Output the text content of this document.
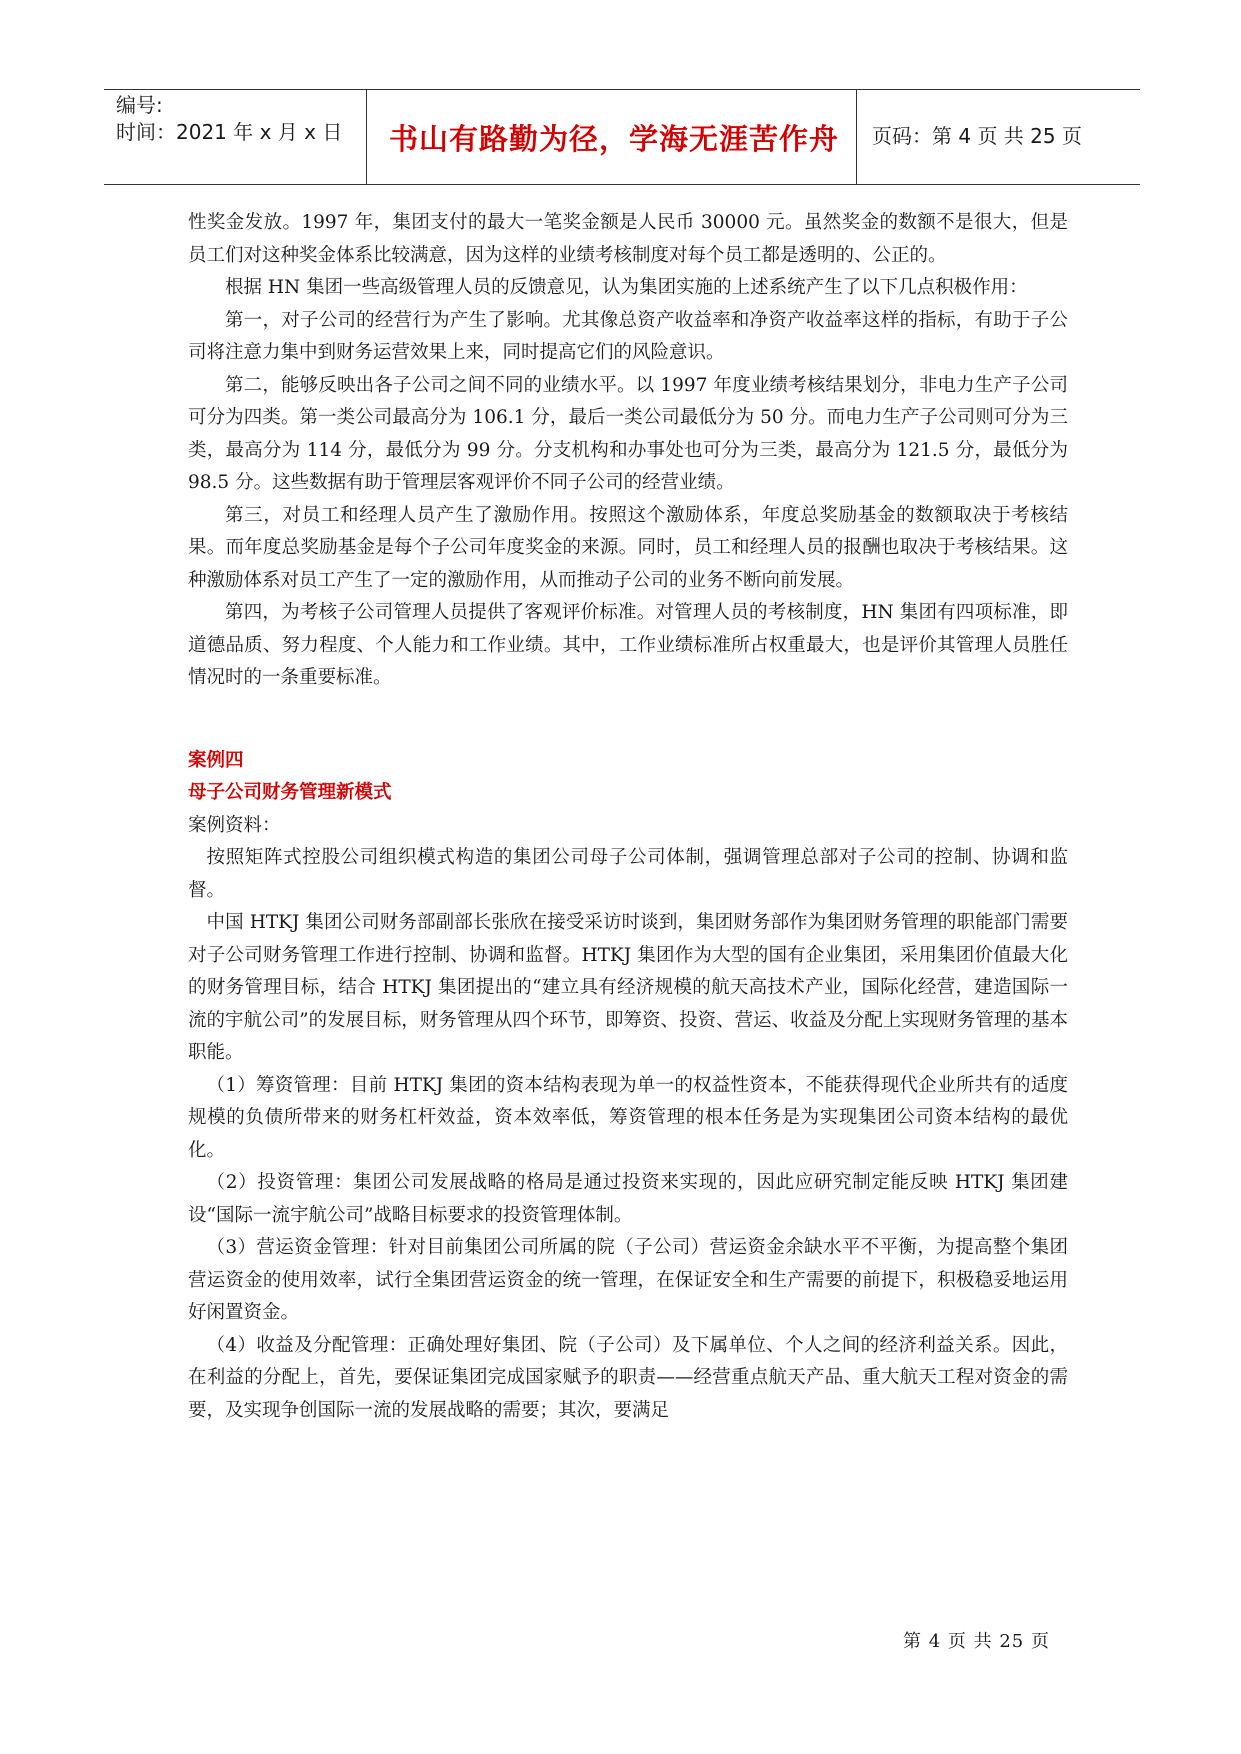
编号:
时间：2021 年 x 月 x 日	书山有路勤为径，学海无涯苦作舟	页码：第 4 页 共 25 页

性奖金发放。1997 年，集团支付的最大一笔奖金额是人民币 30000 元。虽然奖金的数额不是很大，但是员工们对这种奖金体系比较满意，因为这样的业绩考核制度对每个员工都是透明的、公正的。

根据 HN 集团一些高级管理人员的反馈意见，认为集团实施的上述系统产生了以下几点积极作用：

第一，对子公司的经营行为产生了影响。尤其像总资产收益率和净资产收益率这样的指标，有助于子公司将注意力集中到财务运营效果上来，同时提高它们的风险意识。

第二，能够反映出各子公司之间不同的业绩水平。以 1997 年度业绩考核结果划分，非电力生产子公司可分为四类。第一类公司最高分为 106.1 分，最后一类公司最低分为 50 分。而电力生产子公司则可分为三类，最高分为 114 分，最低分为 99 分。分支机构和办事处也可分为三类，最高分为 121.5 分，最低分为 98.5 分。这些数据有助于管理层客观评价不同子公司的经营业绩。

第三，对员工和经理人员产生了激励作用。按照这个激励体系，年度总奖励基金的数额取决于考核结果。而年度总奖励基金是每个子公司年度奖金的来源。同时，员工和经理人员的报酬也取决于考核结果。这种激励体系对员工产生了一定的激励作用，从而推动子公司的业务不断向前发展。

第四，为考核子公司管理人员提供了客观评价标准。对管理人员的考核制度，HN 集团有四项标准，即道德品质、努力程度、个人能力和工作业绩。其中，工作业绩标准所占权重最大，也是评价其管理人员胜任情况时的一条重要标准。

案例四

母子公司财务管理新模式

案例资料：

按照矩阵式控股公司组织模式构造的集团公司母子公司体制，强调管理总部对子公司的控制、协调和监督。

中国 HTKJ 集团公司财务部副部长张欣在接受采访时谈到，集团财务部作为集团财务管理的职能部门需要对子公司财务管理工作进行控制、协调和监督。HTKJ 集团作为大型的国有企业集团，采用集团价值最大化的财务管理目标，结合 HTKJ 集团提出的“建立具有经济规模的航天高技术产业，国际化经营，建造国际一流的宇航公司”的发展目标，财务管理从四个环节，即筹资、投资、营运、收益及分配上实现财务管理的基本职能。

（1）筹资管理：目前 HTKJ 集团的资本结构表现为单一的权益性资本，不能获得现代企业所共有的适度规模的负债所带来的财务杠杆效益，资本效率低，筹资管理的根本任务是为实现集团公司资本结构的最优化。

（2）投资管理：集团公司发展战略的格局是通过投资来实现的，因此应研究制定能反映 HTKJ 集团建设“国际一流宇航公司”战略目标要求的投资管理体制。

（3）营运资金管理：针对目前集团公司所属的院（子公司）营运资金余缺水平不平衡，为提高整个集团营运资金的使用效率，试行全集团营运资金的统一管理，在保证安全和生产需要的前提下，积极稳妥地运用好闲置资金。

（4）收益及分配管理：正确处理好集团、院（子公司）及下属单位、个人之间的经济利益关系。因此，在利益的分配上，首先，要保证集团完成国家赋予的职责——经营重点航天产品、重大航天工程对资金的需要，及实现争创国际一流的发展战略的需要；其次，要满足

第 4 页 共 25 页
